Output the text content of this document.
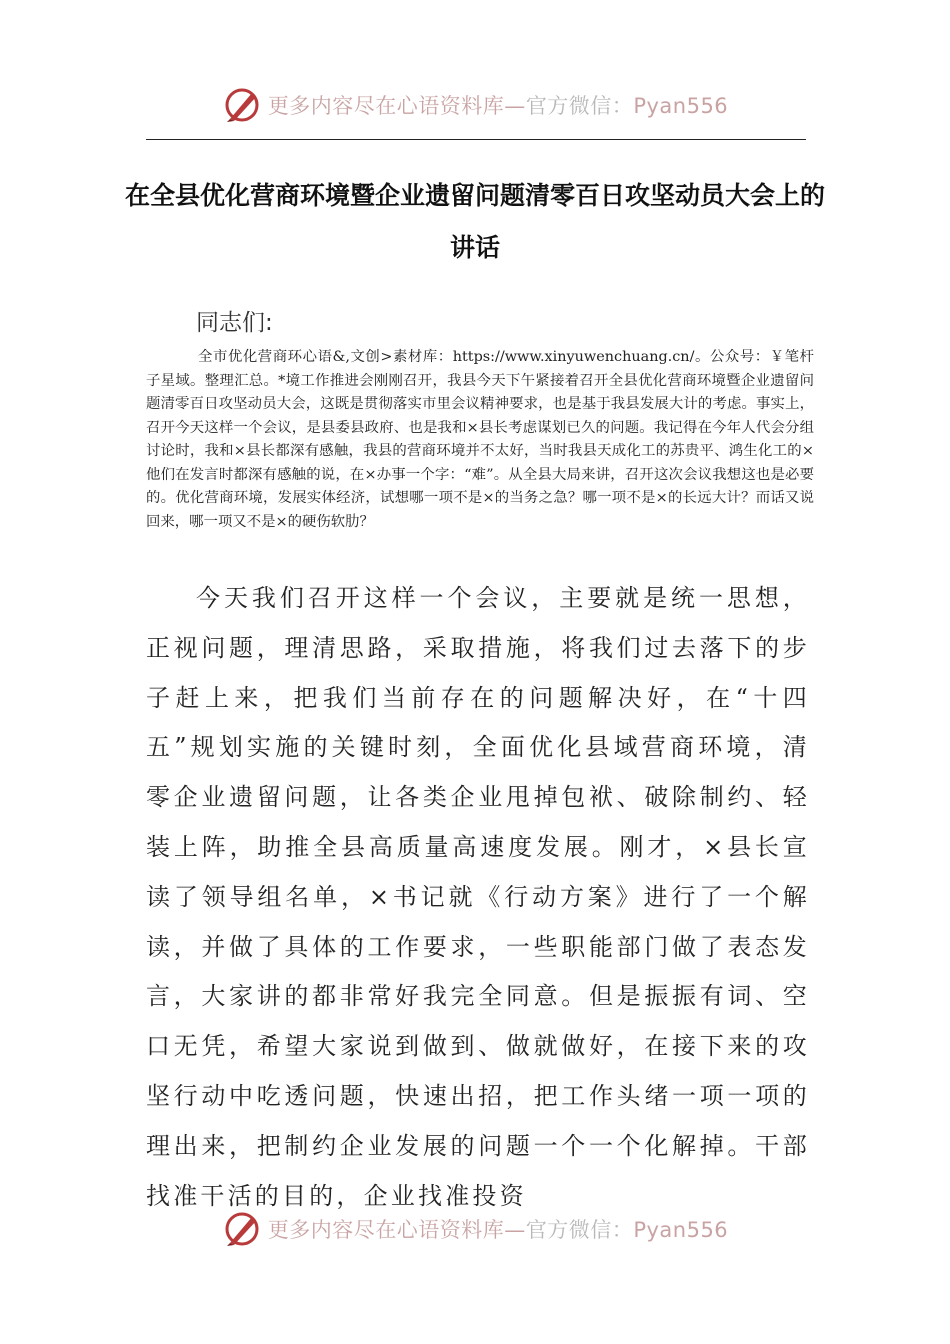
更多内容尽在心语资料库—官方微信：Pyan556
在全县优化营商环境暨企业遗留问题清零百日攻坚动员大会上的讲话

同志们:

全市优化营商环心语&,文创>素材库：https://www.xinyuwenchuang.cn/。公众号：￥笔杆子星域。整理汇总。*境工作推进会刚刚召开，我县今天下午紧接着召开全县优化营商环境暨企业遗留问题清零百日攻坚动员大会，这既是贯彻落实市里会议精神要求，也是基于我县发展大计的考虑。事实上，召开今天这样一个会议，是县委县政府、也是我和×县长考虑谋划已久的问题。我记得在今年人代会分组讨论时，我和×县长都深有感触，我县的营商环境并不太好，当时我县天成化工的苏贵平、鸿生化工的×他们在发言时都深有感触的说，在×办事一个字：“难”。从全县大局来讲，召开这次会议我想这也是必要的。优化营商环境，发展实体经济，试想哪一项不是×的当务之急？哪一项不是×的长远大计？而话又说回来，哪一项又不是×的硬伤软肋？

今天我们召开这样一个会议，主要就是统一思想，正视问题，理清思路，采取措施，将我们过去落下的步子赶上来，把我们当前存在的问题解决好，在“十四五”规划实施的关键时刻，全面优化县域营商环境，清零企业遗留问题，让各类企业甩掉包袱、破除制约、轻装上阵，助推全县高质量高速度发展。刚才，×县长宣读了领导组名单，×书记就《行动方案》进行了一个解读，并做了具体的工作要求，一些职能部门做了表态发言，大家讲的都非常好我完全同意。但是振振有词、空口无凭，希望大家说到做到、做就做好，在接下来的攻坚行动中吃透问题，快速出招，把工作头绪一项一项的理出来，把制约企业发展的问题一个一个化解掉。干部找准干活的目的，企业找准投资

更多内容尽在心语资料库—官方微信：Pyan556
